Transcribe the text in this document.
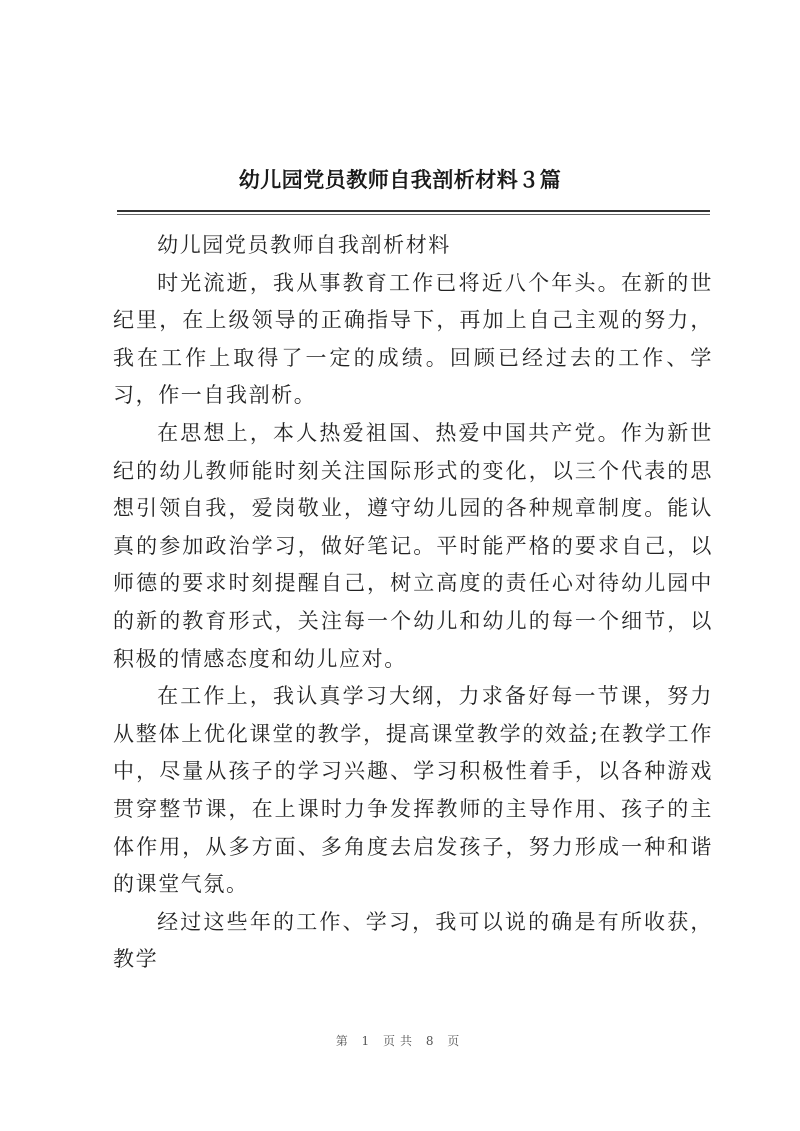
幼儿园党员教师自我剖析材料３篇

幼儿园党员教师自我剖析材料

时光流逝，我从事教育工作已将近八个年头。在新的世纪里，在上级领导的正确指导下，再加上自己主观的努力，我在工作上取得了一定的成绩。回顾已经过去的工作、学习，作一自我剖析。

在思想上，本人热爱祖国、热爱中国共产党。作为新世纪的幼儿教师能时刻关注国际形式的变化，以三个代表的思想引领自我，爱岗敬业，遵守幼儿园的各种规章制度。能认真的参加政治学习，做好笔记。平时能严格的要求自己，以师德的要求时刻提醒自己，树立高度的责任心对待幼儿园中的新的教育形式，关注每一个幼儿和幼儿的每一个细节，以积极的情感态度和幼儿应对。

在工作上，我认真学习大纲，力求备好每一节课，努力从整体上优化课堂的教学，提高课堂教学的效益;在教学工作中，尽量从孩子的学习兴趣、学习积极性着手，以各种游戏贯穿整节课，在上课时力争发挥教师的主导作用、孩子的主体作用，从多方面、多角度去启发孩子，努力形成一种和谐的课堂气氛。

经过这些年的工作、学习，我可以说的确是有所收获，教学

第 1 页共 8 页
